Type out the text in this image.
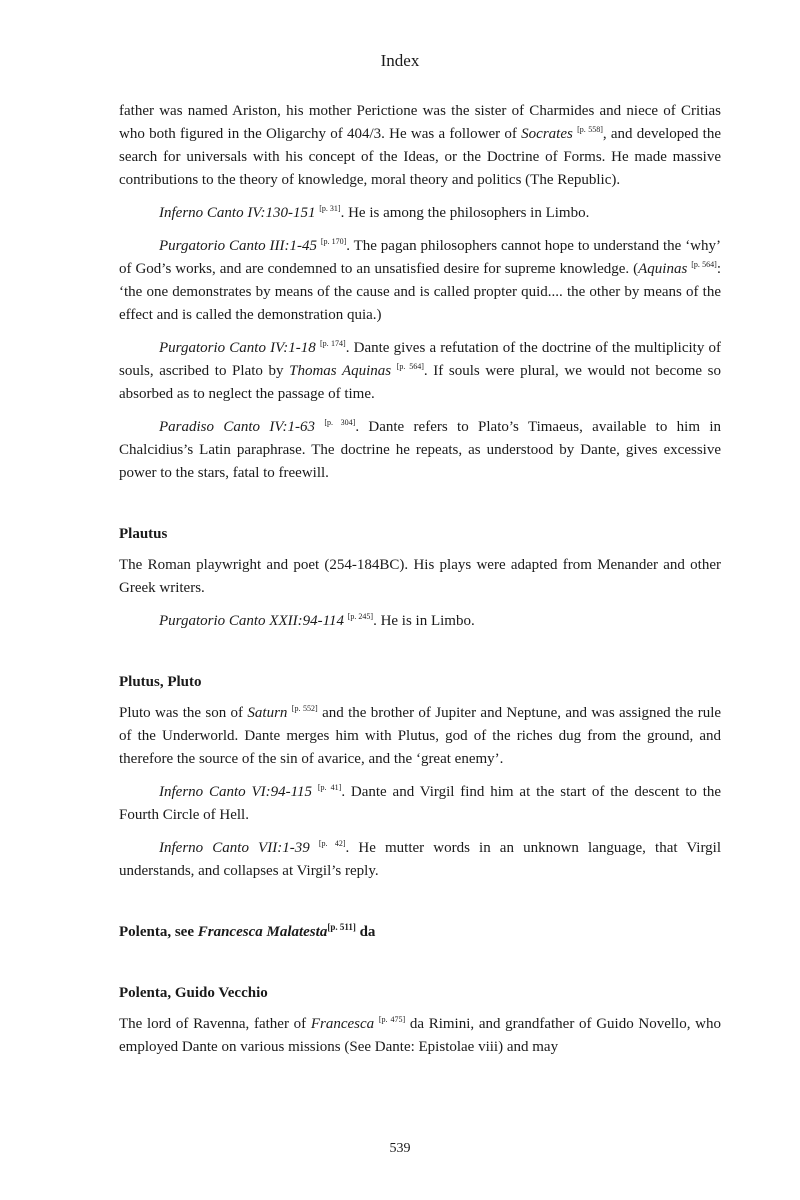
Index

father was named Ariston, his mother Perictione was the sister of Charmides and niece of Critias who both figured in the Oligarchy of 404/3. He was a follower of Socrates [p. 558], and developed the search for universals with his concept of the Ideas, or the Doctrine of Forms. He made massive contributions to the theory of knowledge, moral theory and politics (The Republic).

Inferno Canto IV:130-151 [p. 31]. He is among the philosophers in Limbo.

Purgatorio Canto III:1-45 [p. 170]. The pagan philosophers cannot hope to understand the ‘why’ of God’s works, and are condemned to an unsatisfied desire for supreme knowledge. (Aquinas [p. 564]: ‘the one demonstrates by means of the cause and is called propter quid.... the other by means of the effect and is called the demonstration quia.)

Purgatorio Canto IV:1-18 [p. 174]. Dante gives a refutation of the doctrine of the multiplicity of souls, ascribed to Plato by Thomas Aquinas [p. 564]. If souls were plural, we would not become so absorbed as to neglect the passage of time.

Paradiso Canto IV:1-63 [p. 304]. Dante refers to Plato’s Timaeus, available to him in Chalcidius’s Latin paraphrase. The doctrine he repeats, as understood by Dante, gives excessive power to the stars, fatal to freewill.

Plautus

The Roman playwright and poet (254-184BC). His plays were adapted from Menander and other Greek writers.

Purgatorio Canto XXII:94-114 [p. 245]. He is in Limbo.

Plutus, Pluto

Pluto was the son of Saturn [p. 552] and the brother of Jupiter and Neptune, and was assigned the rule of the Underworld. Dante merges him with Plutus, god of the riches dug from the ground, and therefore the source of the sin of avarice, and the ‘great enemy’.

Inferno Canto VI:94-115 [p. 41]. Dante and Virgil find him at the start of the descent to the Fourth Circle of Hell.

Inferno Canto VII:1-39 [p. 42]. He mutter words in an unknown language, that Virgil understands, and collapses at Virgil’s reply.

Polenta, see Francesca Malatesta[p. 511] da

Polenta, Guido Vecchio

The lord of Ravenna, father of Francesca [p. 475] da Rimini, and grandfather of Guido Novello, who employed Dante on various missions (See Dante: Epistolae viii) and may

539
